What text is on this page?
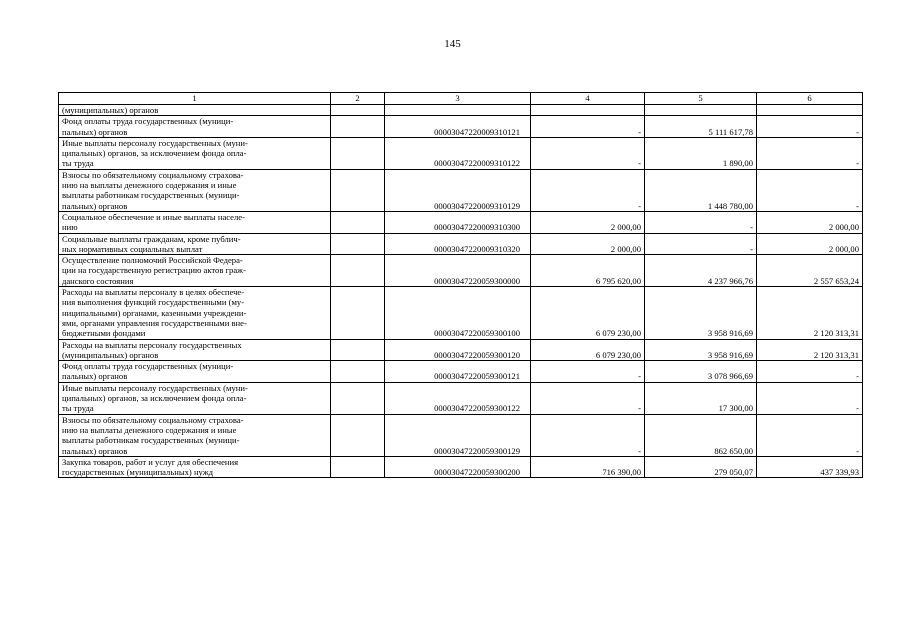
145
1	2	3	4	5	6

(муниципальных) органов					

Фонд оплаты труда государственных (муници-
пальных) органов		00003047220009310121	-	5 111 617,78	-

Иные выплаты персоналу государственных (муни-
ципальных) органов, за исключением фонда опла-
ты труда		00003047220009310122	-	1 890,00	-

Взносы по обязательному социальному страхова-
нию на выплаты денежного содержания и иные
выплаты работникам государственных (муници-
пальных) органов		00003047220009310129	-	1 448 780,00	-

Социальное обеспечение и иные выплаты населе-
нию		00003047220009310300	2 000,00	-	2 000,00

Социальные выплаты гражданам, кроме публич-
ных нормативных социальных выплат		00003047220009310320	2 000,00	-	2 000,00

Осуществление полномочий Российской Федера-
ции на государственную регистрацию актов граж-
данского состояния		00003047220059300000	6 795 620,00	4 237 966,76	2 557 653,24

Расходы на выплаты персоналу в целях обеспече-
ния выполнения функций государственными (му-
ниципальными) органами, казенными учреждени-
ями, органами управления государственными вне-
бюджетными фондами		00003047220059300100	6 079 230,00	3 958 916,69	2 120 313,31

Расходы на выплаты персоналу государственных
(муниципальных) органов		00003047220059300120	6 079 230,00	3 958 916,69	2 120 313,31

Фонд оплаты труда государственных (муници-
пальных) органов		00003047220059300121	-	3 078 966,69	-

Иные выплаты персоналу государственных (муни-
ципальных) органов, за исключением фонда опла-
ты труда		00003047220059300122	-	17 300,00	-

Взносы по обязательному социальному страхова-
нию на выплаты денежного содержания и иные
выплаты работникам государственных (муници-
пальных) органов		00003047220059300129	-	862 650,00	-

Закупка товаров, работ и услуг для обеспечения
государственных (муниципальных) нужд		00003047220059300200	716 390,00	279 050,07	437 339,93
